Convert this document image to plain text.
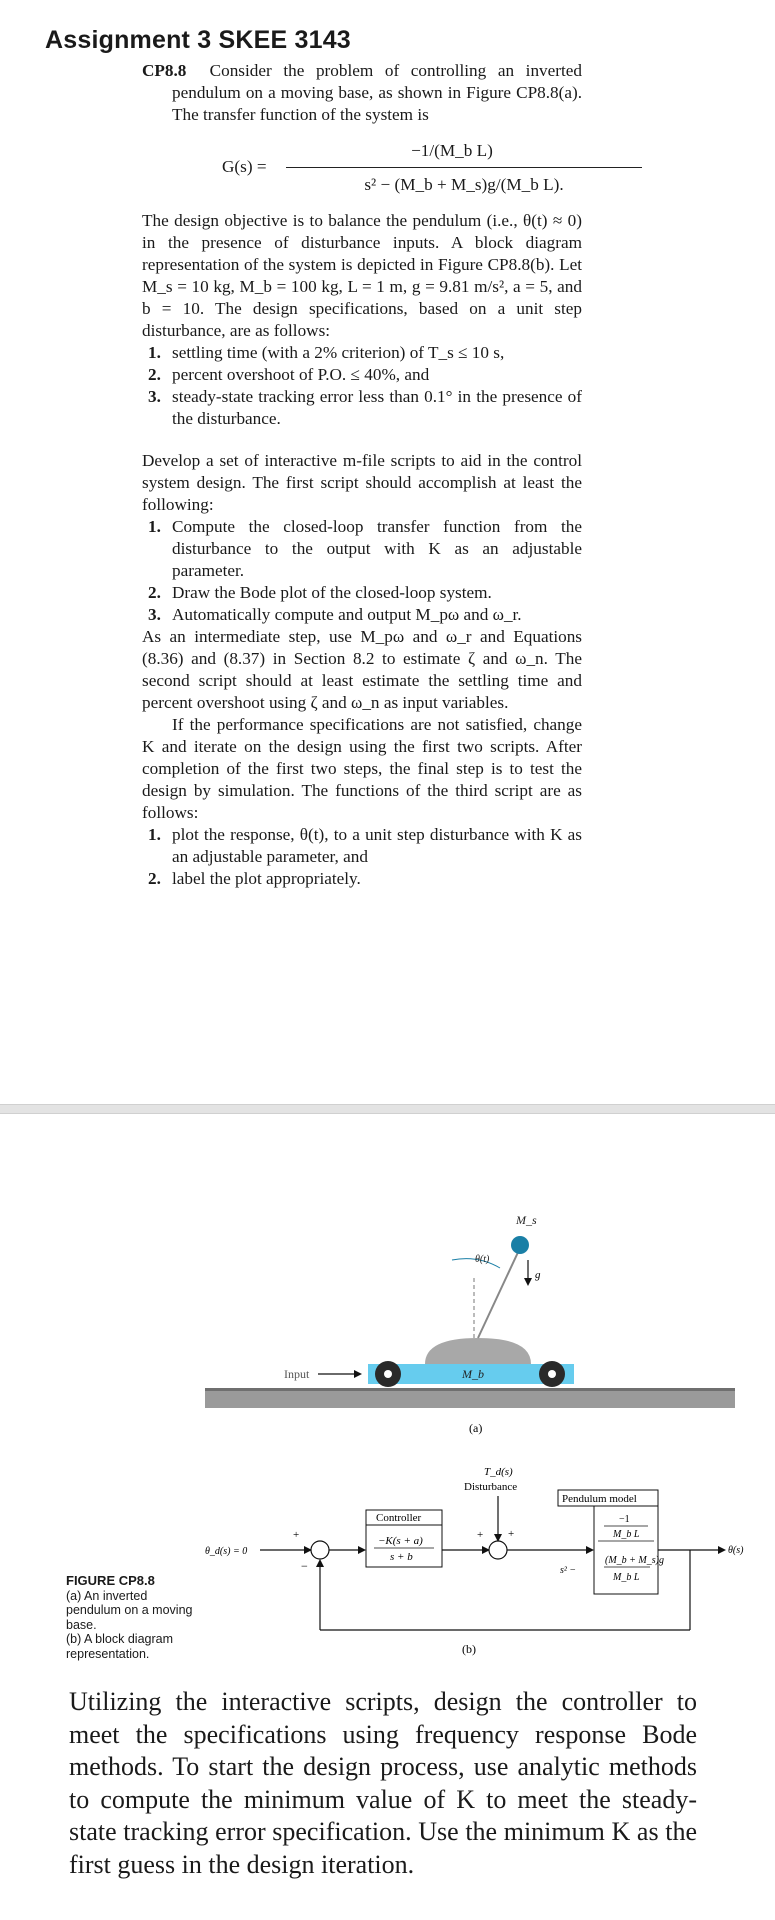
Assignment 3 SKEE 3143

CP8.8 Consider the problem of controlling an inverted pendulum on a moving base, as shown in Figure CP8.8(a). The transfer function of the system is

G(s) =
−1/(M_b L)
s² − (M_b + M_s)g/(M_b L).

The design objective is to balance the pendulum (i.e., θ(t) ≈ 0) in the presence of disturbance inputs. A block diagram representation of the system is depicted in Figure CP8.8(b). Let M_s = 10 kg, M_b = 100 kg, L = 1 m, g = 9.81 m/s², a = 5, and b = 10. The design specifications, based on a unit step disturbance, are as follows:

1. settling time (with a 2% criterion) of T_s ≤ 10 s,
2. percent overshoot of P.O. ≤ 40%, and
3. steady-state tracking error less than 0.1° in the presence of the disturbance.

Develop a set of interactive m-file scripts to aid in the control system design. The first script should accomplish at least the following:

1. Compute the closed-loop transfer function from the disturbance to the output with K as an adjustable parameter.
2. Draw the Bode plot of the closed-loop system.
3. Automatically compute and output M_pω and ω_r.

As an intermediate step, use M_pω and ω_r and Equations (8.36) and (8.37) in Section 8.2 to estimate ζ and ω_n. The second script should at least estimate the settling time and percent overshoot using ζ and ω_n as input variables.

If the performance specifications are not satisfied, change K and iterate on the design using the first two scripts. After completion of the first two steps, the final step is to test the design by simulation. The functions of the third script are as follows:

1. plot the response, θ(t), to a unit step disturbance with K as an adjustable parameter, and
2. label the plot appropriately.
Input	M_b
M_s
θ(t)
g
(a)
T_d(s)
Disturbance
θ_d(s) = 0
+
−
Controller
−K(s + a)
s + b
+ +
Pendulum model
−1
M_b L
s² −
(M_b + M_s)g
M_b L
θ(s)
(b)
FIGURE CP8.8
(a) An inverted pendulum on a moving base.
(b) A block diagram representation.
Utilizing the interactive scripts, design the controller to meet the specifications using frequency response Bode methods. To start the design process, use analytic methods to compute the minimum value of K to meet the steady-state tracking error specification. Use the minimum K as the first guess in the design iteration.
